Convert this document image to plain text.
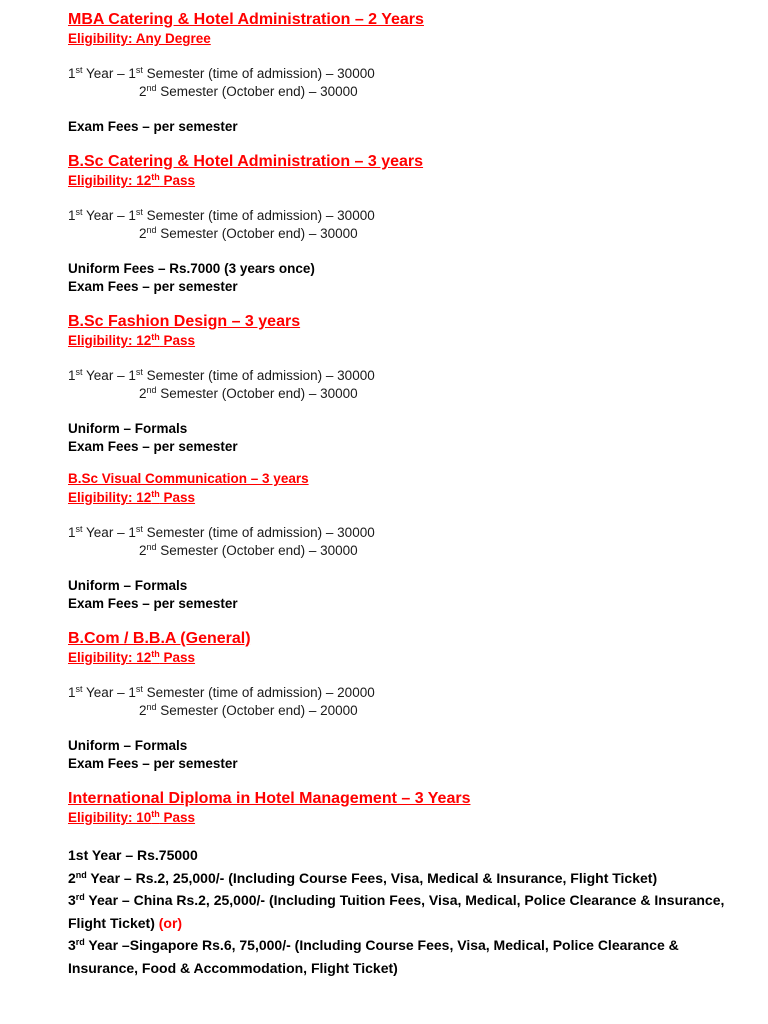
MBA Catering & Hotel Administration – 2 Years
Eligibility: Any Degree
1st Year – 1st Semester (time of admission) – 30000
2nd Semester (October end) – 30000
Exam Fees – per semester
B.Sc Catering & Hotel Administration – 3 years
Eligibility: 12th Pass
1st Year – 1st Semester (time of admission) – 30000
2nd Semester (October end) – 30000
Uniform Fees – Rs.7000 (3 years once)
Exam Fees – per semester
B.Sc Fashion Design – 3 years
Eligibility: 12th Pass
1st Year – 1st Semester (time of admission) – 30000
2nd Semester (October end) – 30000
Uniform – Formals
Exam Fees – per semester
B.Sc Visual Communication – 3 years
Eligibility: 12th Pass
1st Year – 1st Semester (time of admission) – 30000
2nd Semester (October end) – 30000
Uniform – Formals
Exam Fees – per semester
B.Com / B.B.A (General)
Eligibility: 12th Pass
1st Year – 1st Semester (time of admission) – 20000
2nd Semester (October end) – 20000
Uniform – Formals
Exam Fees – per semester
International Diploma in Hotel Management – 3 Years
Eligibility: 10th Pass
1st Year – Rs.75000
2nd Year – Rs.2, 25,000/- (Including Course Fees, Visa, Medical & Insurance, Flight Ticket)
3rd Year – China Rs.2, 25,000/- (Including Tuition Fees, Visa, Medical, Police Clearance & Insurance, Flight Ticket) (or)
3rd Year –Singapore Rs.6, 75,000/- (Including Course Fees, Visa, Medical, Police Clearance & Insurance, Food & Accommodation, Flight Ticket)
